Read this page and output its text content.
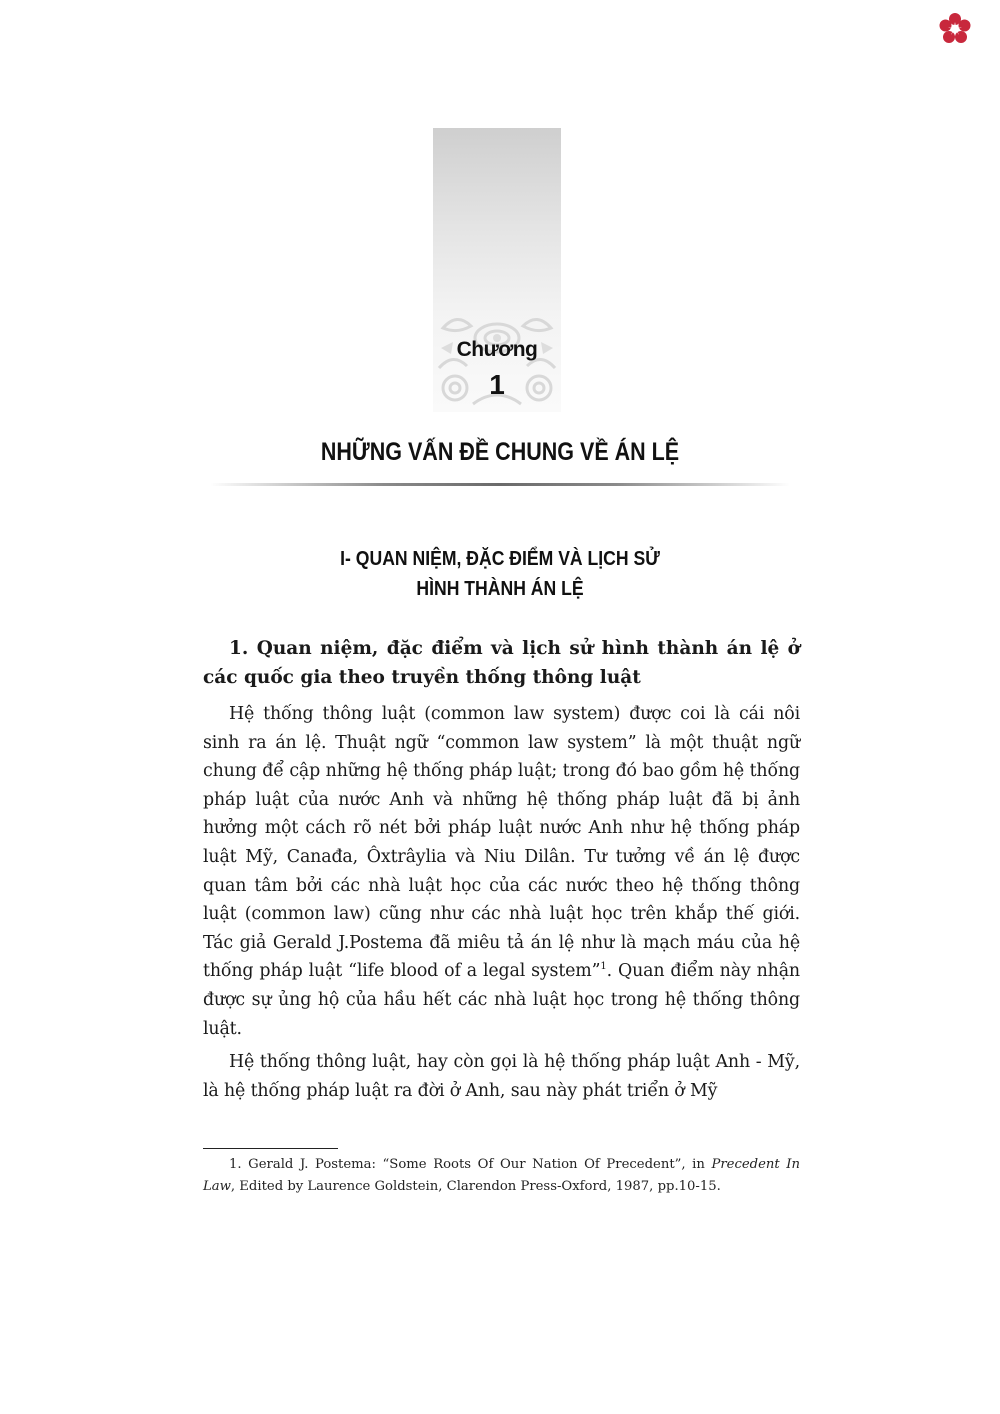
Chương
1
NHỮNG VẤN ĐỀ CHUNG VỀ ÁN LỆ
I- QUAN NIỆM, ĐẶC ĐIỂM VÀ LỊCH SỬ
HÌNH THÀNH ÁN LỆ

1. Quan niệm, đặc điểm và lịch sử hình thành án lệ ở các quốc gia theo truyền thống thông luật

Hệ thống thông luật (common law system) được coi là cái nôi sinh ra án lệ. Thuật ngữ “common law system” là một thuật ngữ chung để cập những hệ thống pháp luật; trong đó bao gồm hệ thống pháp luật của nước Anh và những hệ thống pháp luật đã bị ảnh hưởng một cách rõ nét bởi pháp luật nước Anh như hệ thống pháp luật Mỹ, Canađa, Ôxtrâylia và Niu Dilân. Tư tưởng về án lệ được quan tâm bởi các nhà luật học của các nước theo hệ thống thông luật (common law) cũng như các nhà luật học trên khắp thế giới. Tác giả Gerald J.Postema đã miêu tả án lệ như là mạch máu của hệ thống pháp luật “life blood of a legal system”$^1$. Quan điểm này nhận được sự ủng hộ của hầu hết các nhà luật học trong hệ thống thông luật.

Hệ thống thông luật, hay còn gọi là hệ thống pháp luật Anh - Mỹ, là hệ thống pháp luật ra đời ở Anh, sau này phát triển ở Mỹ

1. Gerald J. Postema: “Some Roots Of Our Nation Of Precedent”, in Precedent In Law, Edited by Laurence Goldstein, Clarendon Press-Oxford, 1987, pp.10-15.
